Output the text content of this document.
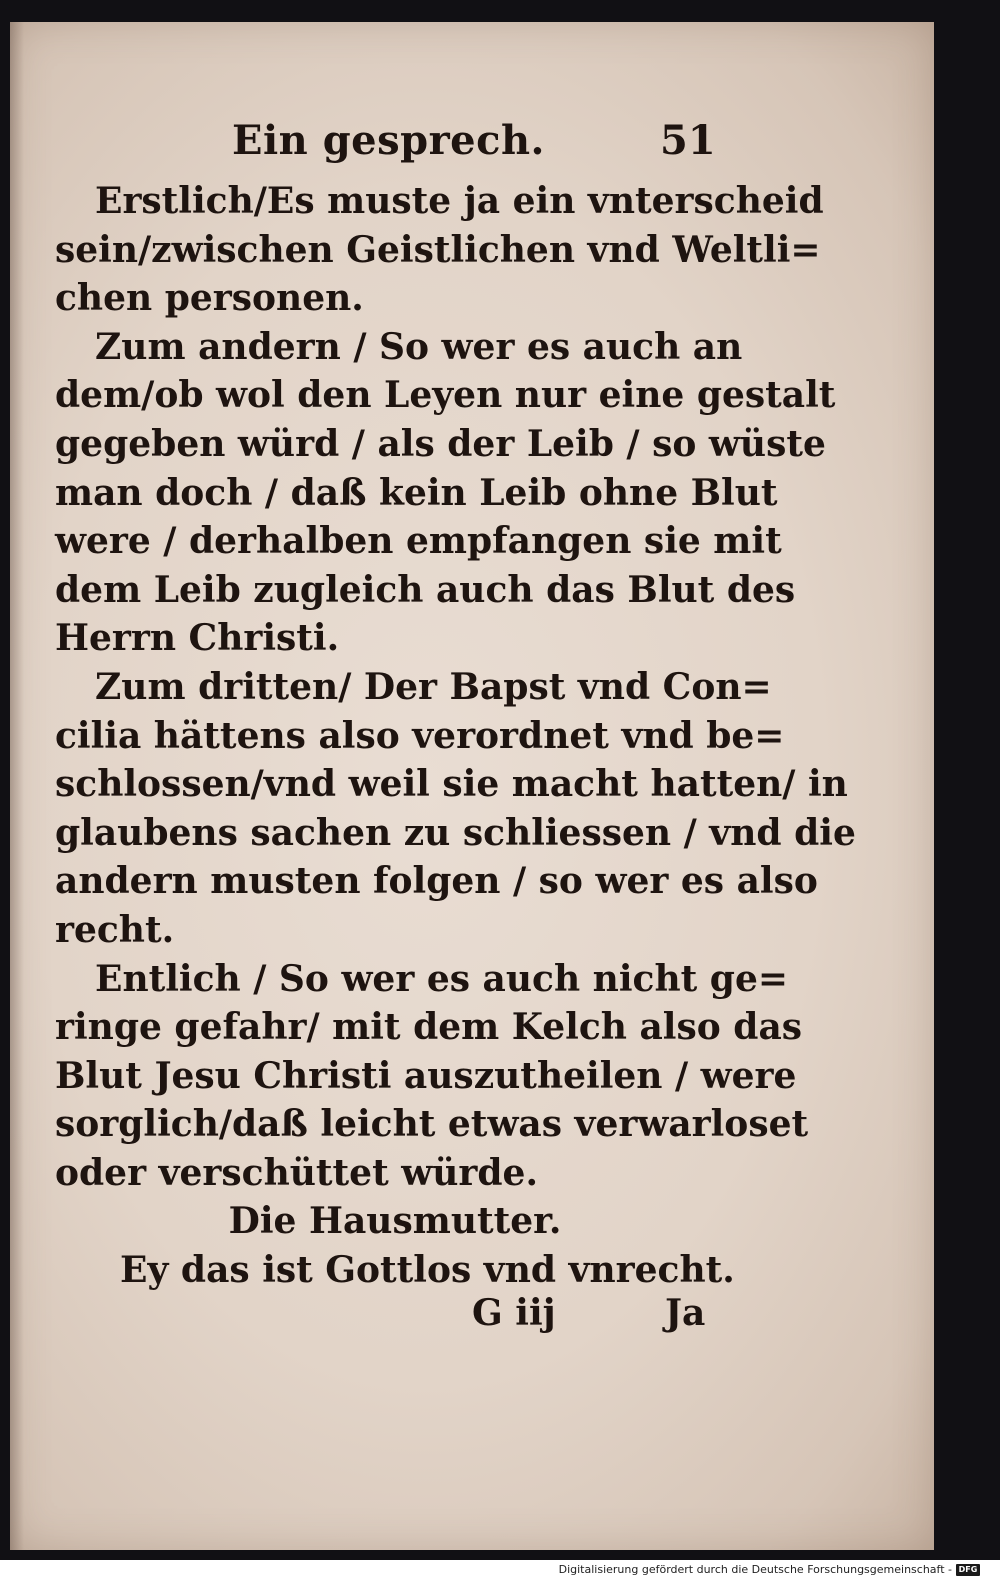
Ein gesprech.	51
Erstlich/Es muste ja ein vnterscheid
sein/zwischen Geistlichen vnd Weltli=
chen personen.
Zum andern / So wer es auch an
dem/ob wol den Leyen nur eine gestalt
gegeben würd / als der Leib / so wüste
man doch / daß kein Leib ohne Blut
were / derhalben empfangen sie mit
dem Leib zugleich auch das Blut des
Herrn Christi.
Zum dritten/ Der Bapst vnd Con=
cilia hättens also verordnet vnd be=
schlossen/vnd weil sie macht hatten/ in
glaubens sachen zu schliessen / vnd die
andern musten folgen / so wer es also
recht.
Entlich / So wer es auch nicht ge=
ringe gefahr/ mit dem Kelch also das
Blut Jesu Christi auszutheilen / were
sorglich/daß leicht etwas verwarloset
oder verschüttet würde.
Die Hausmutter.
Ey das ist Gottlos vnd vnrecht.
G iij	Ja
Digitalisierung gefördert durch die Deutsche Forschungsgemeinschaft - DFG
